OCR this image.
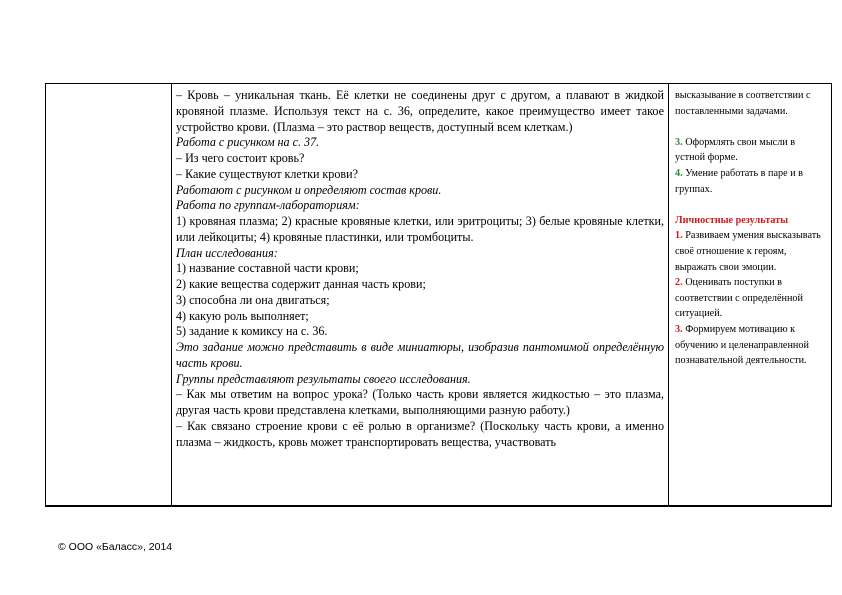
– Кровь – уникальная ткань. Её клетки не соединены друг с другом, а плавают в жидкой кровяной плазме. Используя текст на с. 36, определите, какое преимущество имеет такое устройство крови. (Плазма – это раствор веществ, доступный всем клеткам.)

Работа с рисунком на с. 37.

– Из чего состоит кровь?

– Какие существуют клетки крови?

Работают с рисунком и определяют состав крови.

Работа по группам-лабораториям:

1) кровяная плазма; 2) красные кровяные клетки, или эритроциты; 3) белые кровяные клетки, или лейкоциты; 4) кровяные пластинки, или тромбоциты.

План исследования:

1) название составной части крови;

2) какие вещества содержит данная часть крови;

3) способна ли она двигаться;

4) какую роль выполняет;

5) задание к комиксу на с. 36.

Это задание можно представить в виде миниатюры, изобразив пантомимой определённую часть крови.

Группы представляют результаты своего исследования.

– Как мы ответим на вопрос урока? (Только часть крови является жидкостью – это плазма, другая часть крови представлена клетками, выполняющими разную работу.)

– Как связано строение крови с её ролью в организме? (Поскольку часть крови, а именно плазма – жидкость, кровь может транспортировать вещества, участвовать

высказывание в соответствии с поставленными задачами.

3. Оформлять свои мысли в устной форме.

4. Умение работать в паре и в группах.

Личностные результаты

1. Развиваем умения высказывать своё отношение к героям, выражать свои эмоции.

2. Оценивать поступки в соответствии с определённой ситуацией.

3. Формируем мотивацию к обучению и целенаправленной познавательной деятельности.

© ООО «Баласс», 2014
